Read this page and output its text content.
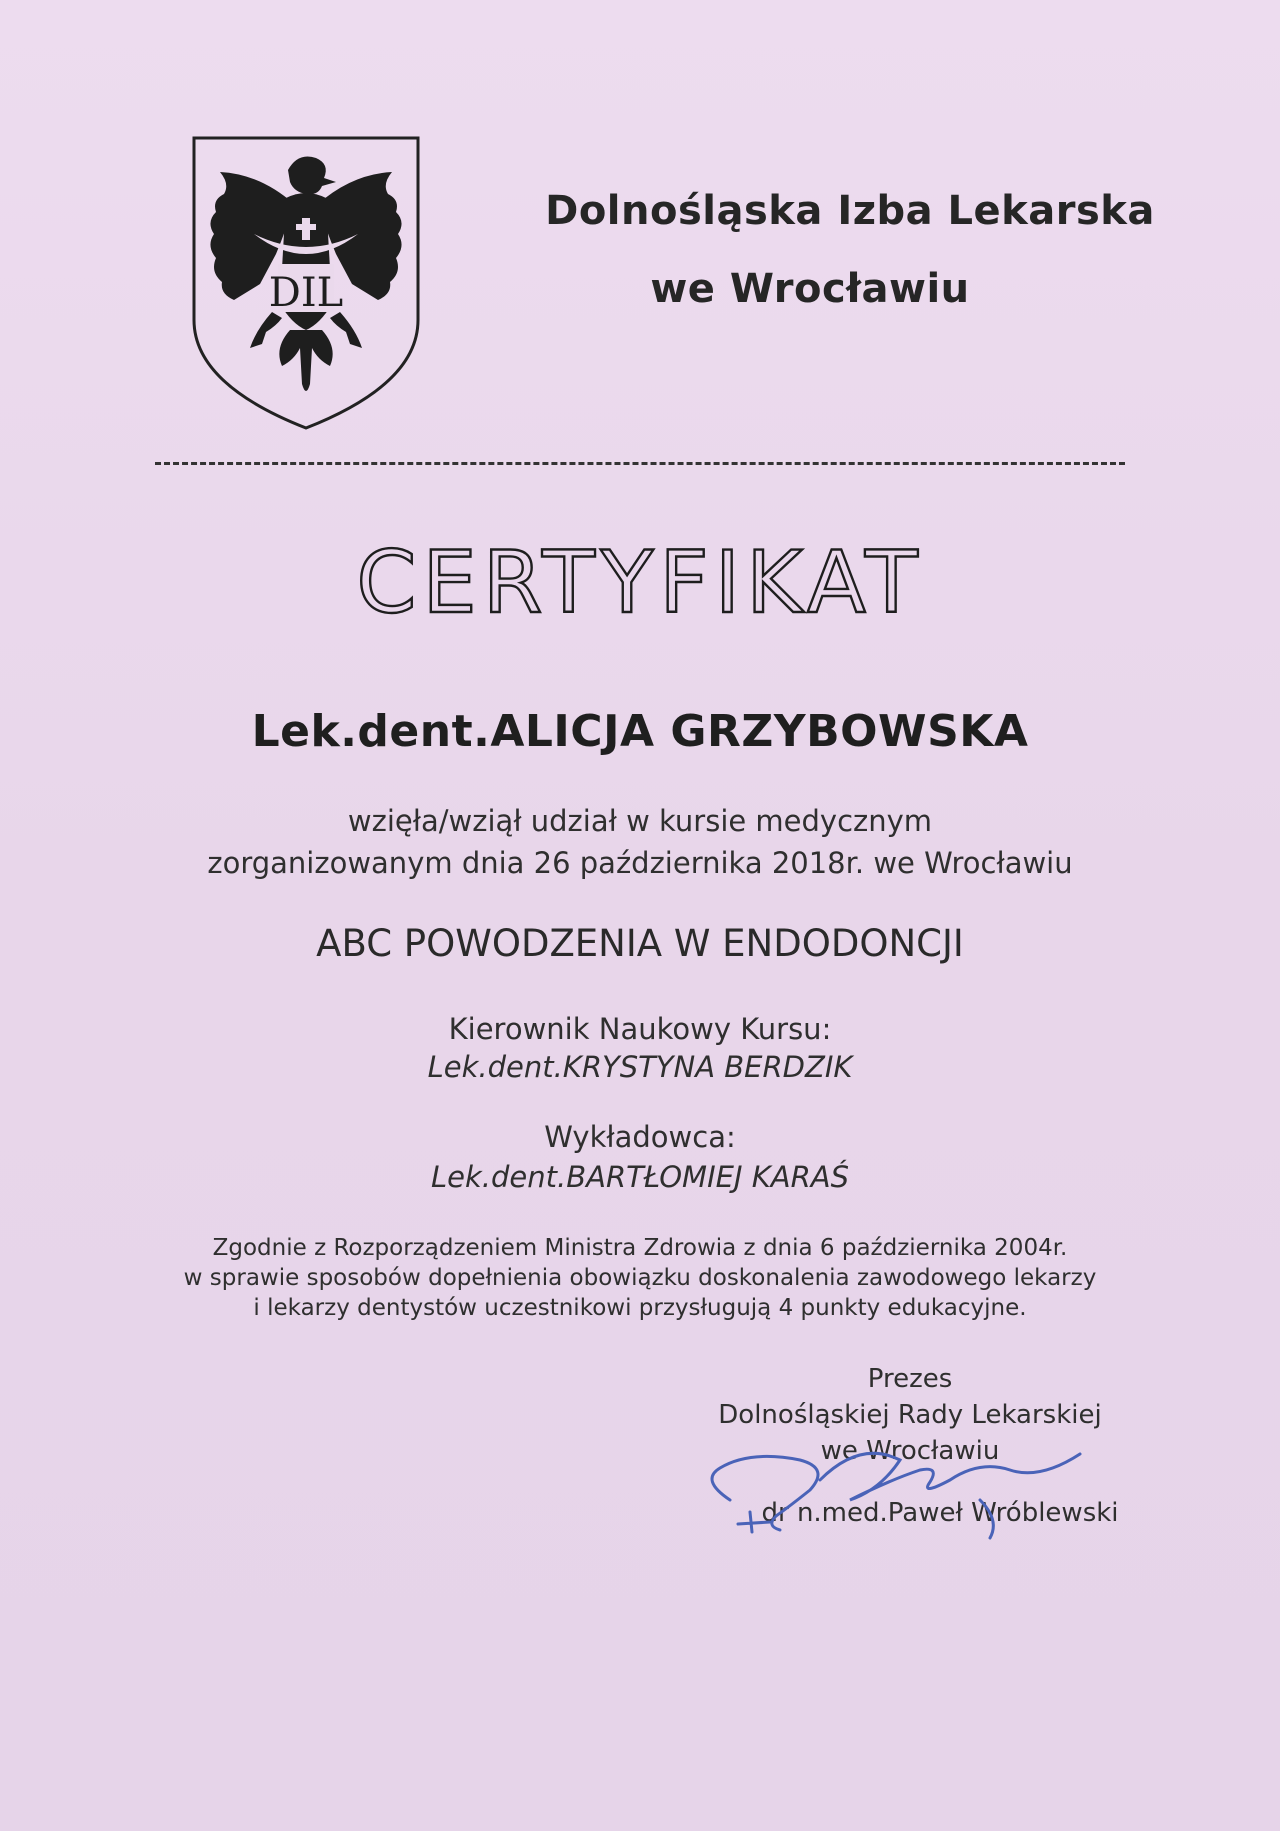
DIL
Dolnośląska Izba Lekarska
we Wrocławiu
CERTYFIKAT
Lek.dent.ALICJA GRZYBOWSKA
wzięła/wziął udział w kursie medycznym
zorganizowanym dnia 26 października 2018r. we Wrocławiu
ABC POWODZENIA W ENDODONCJI
Kierownik Naukowy Kursu:
Lek.dent.KRYSTYNA BERDZIK
Wykładowca:
Lek.dent.BARTŁOMIEJ KARAŚ
Zgodnie z Rozporządzeniem Ministra Zdrowia z dnia 6 października 2004r.
w sprawie sposobów dopełnienia obowiązku doskonalenia zawodowego lekarzy
i lekarzy dentystów uczestnikowi przysługują 4 punkty edukacyjne.
Prezes
Dolnośląskiej Rady Lekarskiej
we Wrocławiu
dr n.med.Paweł Wróblewski
